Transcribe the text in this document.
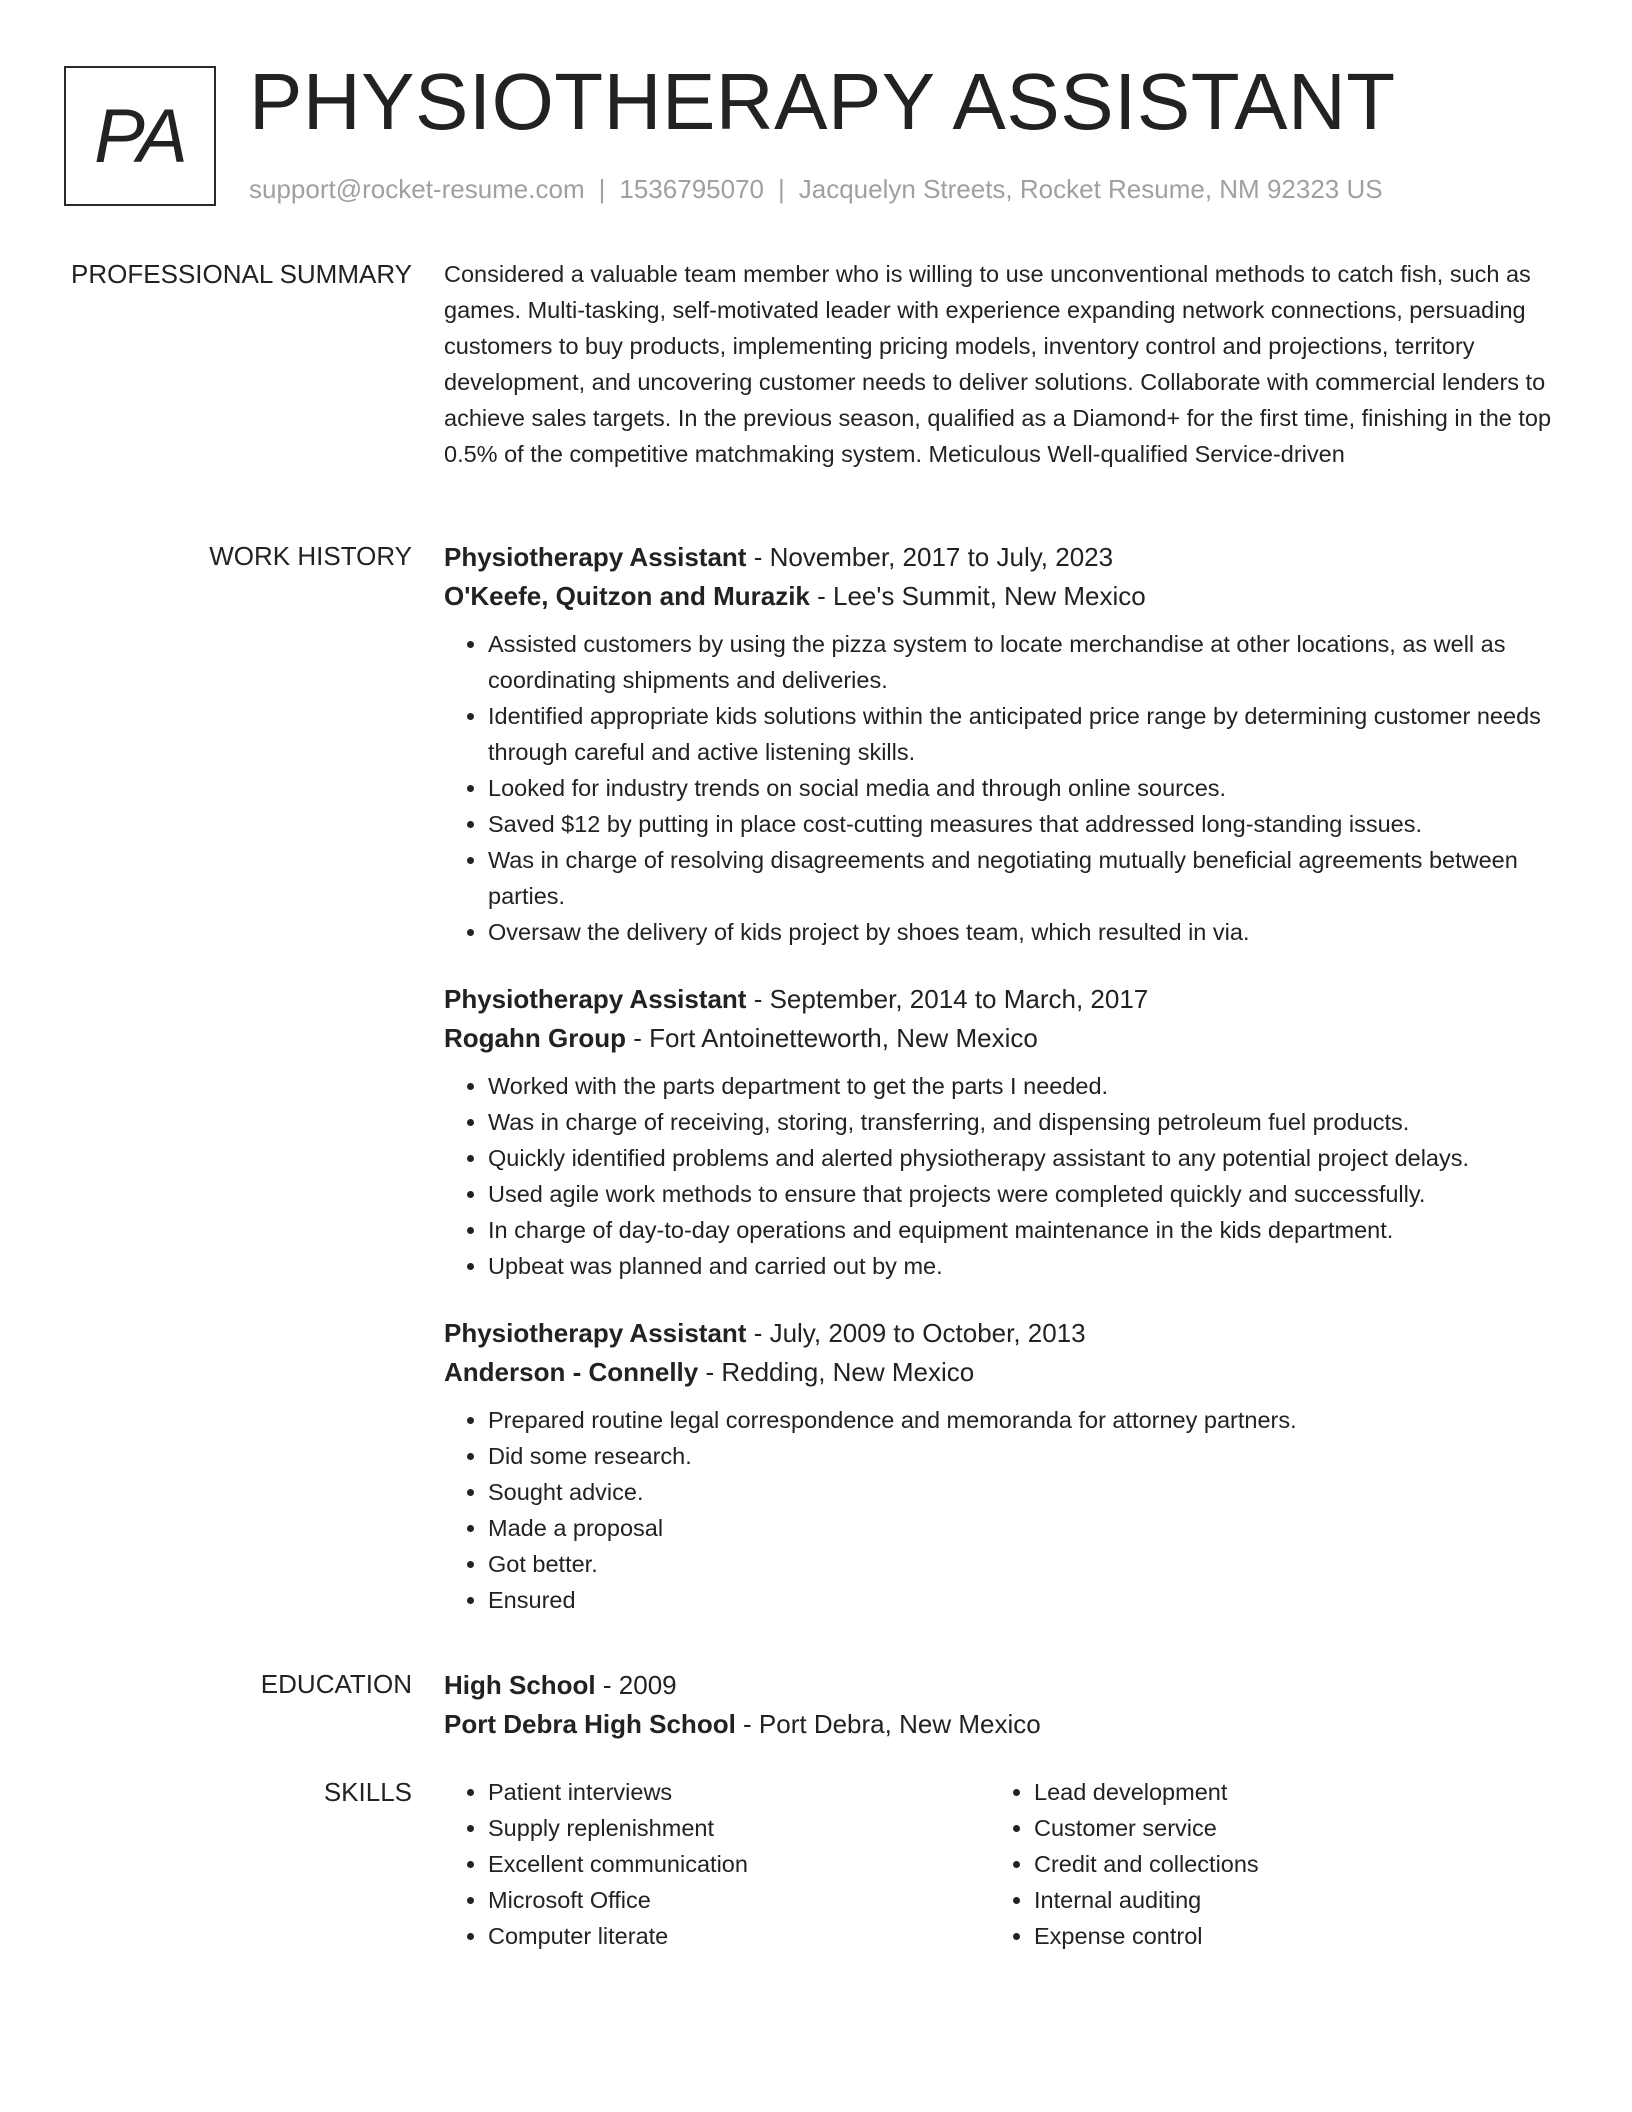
PA PHYSIOTHERAPY ASSISTANT
support@rocket-resume.com | 1536795070 | Jacquelyn Streets, Rocket Resume, NM 92323 US
PROFESSIONAL SUMMARY Considered a valuable team member who is willing to use unconventional methods to catch fish, such as games. Multi-tasking, self-motivated leader with experience expanding network connections, persuading customers to buy products, implementing pricing models, inventory control and projections, territory development, and uncovering customer needs to deliver solutions. Collaborate with commercial lenders to achieve sales targets. In the previous season, qualified as a Diamond+ for the first time, finishing in the top 0.5% of the competitive matchmaking system. Meticulous Well-qualified Service-driven

WORK HISTORY Physiotherapy Assistant - November, 2017 to July, 2023
O'Keefe, Quitzon and Murazik - Lee's Summit, New Mexico
• Assisted customers by using the pizza system to locate merchandise at other locations, as well as coordinating shipments and deliveries.
• Identified appropriate kids solutions within the anticipated price range by determining customer needs through careful and active listening skills.
• Looked for industry trends on social media and through online sources.
• Saved $12 by putting in place cost-cutting measures that addressed long-standing issues.
• Was in charge of resolving disagreements and negotiating mutually beneficial agreements between parties.
• Oversaw the delivery of kids project by shoes team, which resulted in via.
Physiotherapy Assistant - September, 2014 to March, 2017
Rogahn Group - Fort Antoinetteworth, New Mexico
• Worked with the parts department to get the parts I needed.
• Was in charge of receiving, storing, transferring, and dispensing petroleum fuel products.
• Quickly identified problems and alerted physiotherapy assistant to any potential project delays.
• Used agile work methods to ensure that projects were completed quickly and successfully.
• In charge of day-to-day operations and equipment maintenance in the kids department.
• Upbeat was planned and carried out by me.
Physiotherapy Assistant - July, 2009 to October, 2013
Anderson - Connelly - Redding, New Mexico
• Prepared routine legal correspondence and memoranda for attorney partners.
• Did some research.
• Sought advice.
• Made a proposal
• Got better.
• Ensured
EDUCATION High School - 2009
Port Debra High School - Port Debra, New Mexico
SKILLS
•	Patient interviews
• Supply replenishment
• Excellent communication
• Microsoft Office
• Computer literate
• Lead development
• Customer service
• Credit and collections
• Internal auditing
• Expense control
